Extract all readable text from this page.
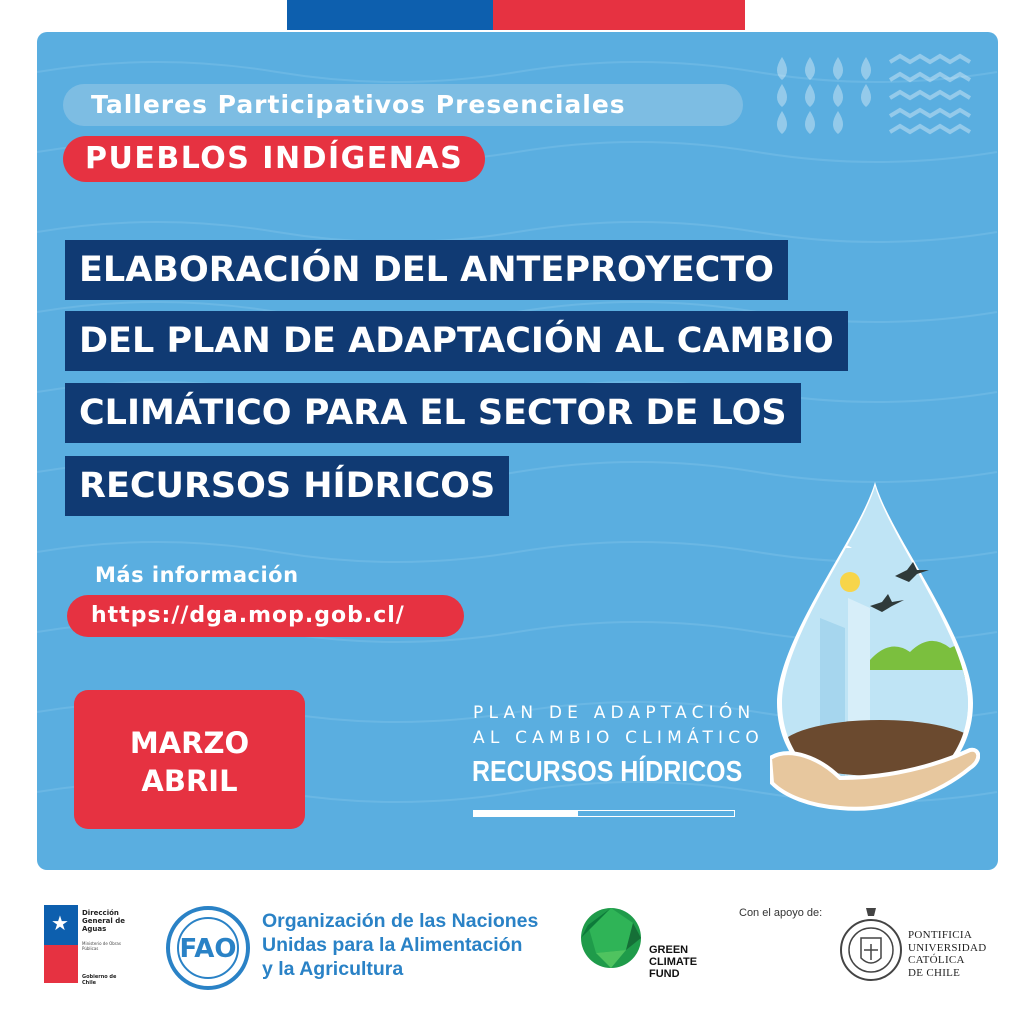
Talleres Participativos Presenciales
PUEBLOS INDÍGENAS
ELABORACIÓN DEL ANTEPROYECTO
DEL PLAN DE ADAPTACIÓN AL CAMBIO
CLIMÁTICO PARA EL SECTOR DE LOS
RECURSOS HÍDRICOS
Más información
https://dga.mop.gob.cl/
MARZO
ABRIL
PLAN DE ADAPTACIÓN
AL CAMBIO CLIMÁTICO
RECURSOS HÍDRICOS
★ Dirección General de Aguas
Ministerio de Obras Públicas
Gobierno de Chile
FAO
Organización de las Naciones
Unidas para la Alimentación
y la Agricultura
GREEN
CLIMATE
FUND
Con el apoyo de:
PONTIFICIA
UNIVERSIDAD
CATÓLICA
DE CHILE
